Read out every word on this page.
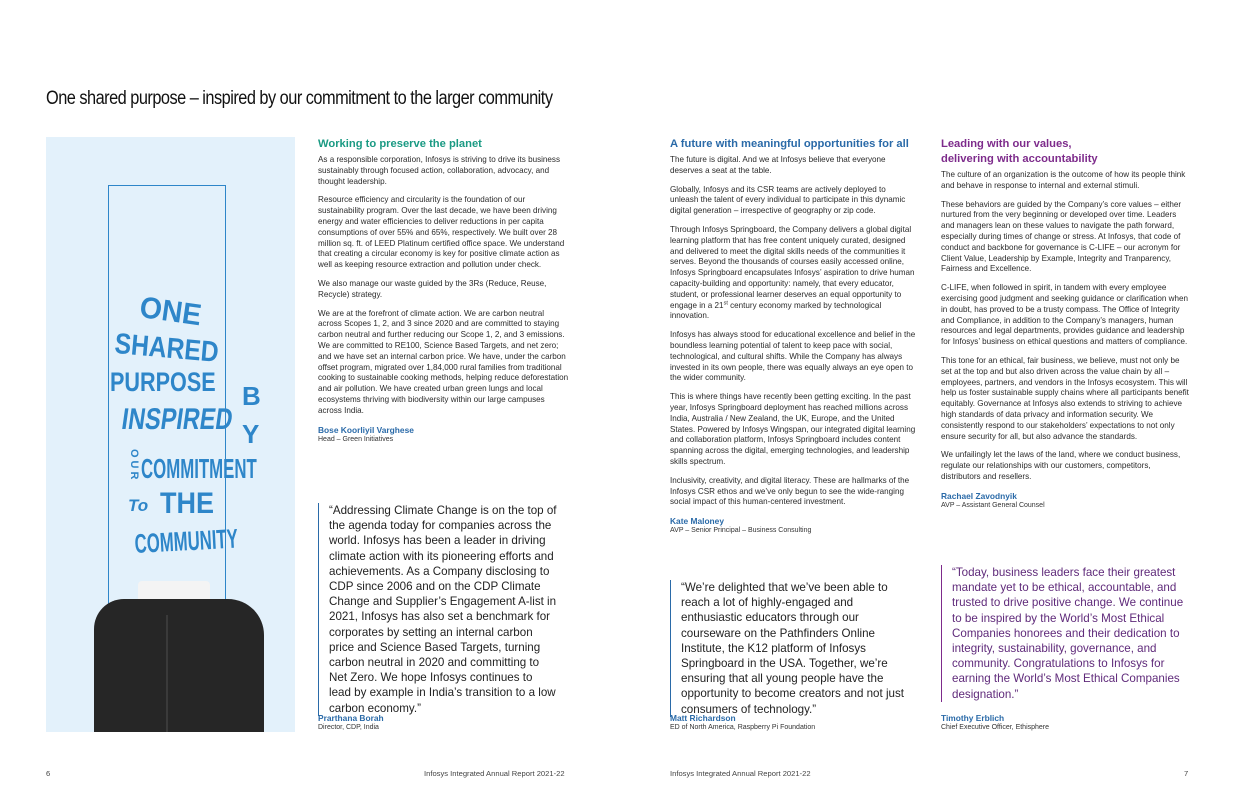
One shared purpose – inspired by our commitment to the larger community
ONE
SHARED
PURPOSE B
INSPIRED Y
OUR COMMITMENT
To THE
COMMUNITY
Working to preserve the planet

As a responsible corporation, Infosys is striving to drive its business sustainably through focused action, collaboration, advocacy, and thought leadership.

Resource efficiency and circularity is the foundation of our sustainability program. Over the last decade, we have been driving energy and water efficiencies to deliver reductions in per capita consumptions of over 55% and 65%, respectively. We built over 28 million sq. ft. of LEED Platinum certified office space. We understand that creating a circular economy is key for positive climate action as well as keeping resource extraction and pollution under check.

We also manage our waste guided by the 3Rs (Reduce, Reuse, Recycle) strategy.

We are at the forefront of climate action. We are carbon neutral across Scopes 1, 2, and 3 since 2020 and are committed to staying carbon neutral and further reducing our Scope 1, 2, and 3 emissions. We are committed to RE100, Science Based Targets, and net zero; and we have set an internal carbon price. We have, under the carbon offset program, migrated over 1,84,000 rural families from traditional cooking to sustainable cooking methods, helping reduce deforestation and air pollution. We have created urban green lungs and local ecosystems thriving with biodiversity within our large campuses across India.

Bose Koorliyil Varghese
Head – Green Initiatives
“Addressing Climate Change is on the top of the agenda today for companies across the world. Infosys has been a leader in driving climate action with its pioneering efforts and achievements. As a Company disclosing to CDP since 2006 and on the CDP Climate Change and Supplier’s Engagement A-list in 2021, Infosys has also set a benchmark for corporates by setting an internal carbon price and Science Based Targets, turning carbon neutral in 2020 and committing to Net Zero. We hope Infosys continues to lead by example in India’s transition to a low carbon economy.”
Prarthana Borah
Director, CDP, India
A future with meaningful opportunities for all

The future is digital. And we at Infosys believe that everyone deserves a seat at the table.

Globally, Infosys and its CSR teams are actively deployed to unleash the talent of every individual to participate in this dynamic digital generation – irrespective of geography or zip code.

Through Infosys Springboard, the Company delivers a global digital learning platform that has free content uniquely curated, designed and delivered to meet the digital skills needs of the communities it serves. Beyond the thousands of courses easily accessed online, Infosys Springboard encapsulates Infosys’ aspiration to drive human capacity-building and opportunity: namely, that every educator, student, or professional learner deserves an equal opportunity to engage in a 21st century economy marked by technological innovation.

Infosys has always stood for educational excellence and belief in the boundless learning potential of talent to keep pace with social, technological, and cultural shifts. While the Company has always invested in its own people, there was equally always an eye open to the wider community.

This is where things have recently been getting exciting. In the past year, Infosys Springboard deployment has reached millions across India, Australia / New Zealand, the UK, Europe, and the United States. Powered by Infosys Wingspan, our integrated digital learning and collaboration platform, Infosys Springboard includes content spanning across the digital, emerging technologies, and leadership skills spectrum.

Inclusivity, creativity, and digital literacy. These are hallmarks of the Infosys CSR ethos and we’ve only begun to see the wide-ranging social impact of this human-centered investment.

Kate Maloney
AVP – Senior Principal – Business Consulting
“We’re delighted that we’ve been able to reach a lot of highly-engaged and enthusiastic educators through our courseware on the Pathfinders Online Institute, the K12 platform of Infosys Springboard in the USA. Together, we’re ensuring that all young people have the opportunity to become creators and not just consumers of technology.”
Matt Richardson
ED of North America, Raspberry Pi Foundation
Leading with our values,
delivering with accountability

The culture of an organization is the outcome of how its people think and behave in response to internal and external stimuli.

These behaviors are guided by the Company’s core values – either nurtured from the very beginning or developed over time. Leaders and managers lean on these values to navigate the path forward, especially during times of change or stress. At Infosys, that code of conduct and backbone for governance is C-LIFE – our acronym for Client Value, Leadership by Example, Integrity and Tranparency, Fairness and Excellence.

C-LIFE, when followed in spirit, in tandem with every employee exercising good judgment and seeking guidance or clarification when in doubt, has proved to be a trusty compass. The Office of Integrity and Compliance, in addition to the Company’s managers, human resources and legal departments, provides guidance and leadership for Infosys’ business on ethical questions and matters of compliance.

This tone for an ethical, fair business, we believe, must not only be set at the top and but also driven across the value chain by all – employees, partners, and vendors in the Infosys ecosystem. This will help us foster sustainable supply chains where all participants benefit equitably. Governance at Infosys also extends to striving to achieve high standards of data privacy and information security. We consistently respond to our stakeholders’ expectations to not only ensure security for all, but also advance the standards.

We unfailingly let the laws of the land, where we conduct business, regulate our relationships with our customers, competitors, distributors and resellers.

Rachael Zavodnyik
AVP – Assistant General Counsel
“Today, business leaders face their greatest mandate yet to be ethical, accountable, and trusted to drive positive change. We continue to be inspired by the World’s Most Ethical Companies honorees and their dedication to integrity, sustainability, governance, and community. Congratulations to Infosys for earning the World’s Most Ethical Companies designation.”
Timothy Erblich
Chief Executive Officer, Ethisphere
6	Infosys Integrated Annual Report 2021-22	Infosys Integrated Annual Report 2021-22	7
